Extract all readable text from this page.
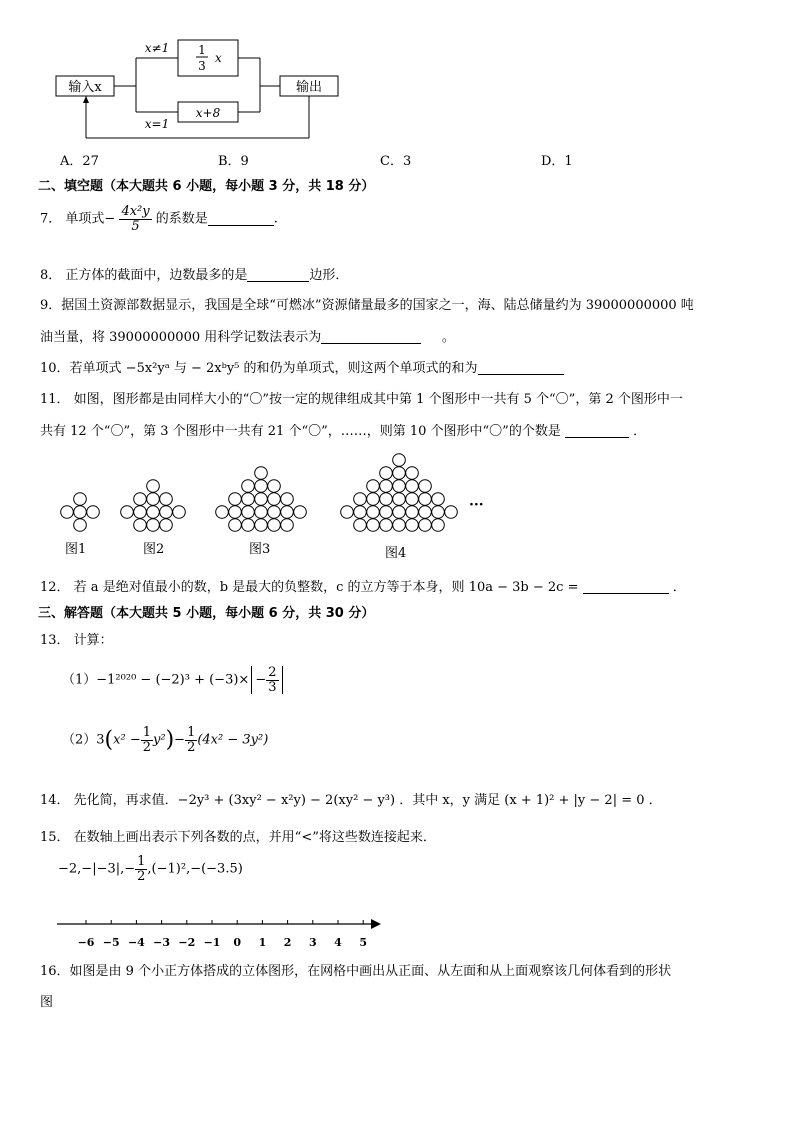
输入x	输出
x≠1
x=1
1
3
x
x+8
A．27	B．9	C．3	D．1
二、填空题（本大题共 6 小题，每小题 3 分，共 18 分）
7． 单项式− $\frac{\text{4x²y}}{5}$ 的系数是	.
8． 正方体的截面中，边数最多的是	边形．
9．据国土资源部数据显示，我国是全球“可燃冰”资源储量最多的国家之一，海、陆总储量约为 39000000000 吨
油当量，将 39000000000 用科学记数法表示为	。
10．若单项式 −5x²yᵃ 与 − 2xᵇy⁵ 的和仍为单项式，则这两个单项式的和为
11． 如图，图形都是由同样大小的“〇”按一定的规律组成其中第 1 个图形中一共有 5 个“〇”，第 2 个图形中一
共有 12 个“〇”，第 3 个图形中一共有 21 个“〇”，……，则第 10 个图形中“〇”的个数是	．
图1	图2	图3	图4
···
12． 若 a 是绝对值最小的数，b 是最大的负整数，c 的立方等于本身，则 10a − 3b − 2c =	．
三、解答题（本大题共 5 小题，每小题 6 分，共 30 分）
13． 计算：
$(1)-1^{2020} - (-2)^3 + (-3)\times - \frac{2}{3}$
$(2)3(x^2 - \frac{1}{2} y^2)- \frac{1}{2} (4x^2 - 3y^2)$
14． 先化简，再求值．−2y³ + (3xy² − x²y) − 2(xy² − y³) ．其中 x，y 满足 (x + 1)² + |y − 2| = 0 ．
15． 在数轴上画出表示下列各数的点，并用“<”将这些数连接起来．
$-2,-|-3|,- \frac{1}{2} ,(-1)^2,-(-3.5)$
−6 −5 −4 −3 −2 −1 0 1 2 3 4 5
16．如图是由 9 个小正方体搭成的立体图形，在网格中画出从正面、从左面和从上面观察该几何体看到的形状
图
